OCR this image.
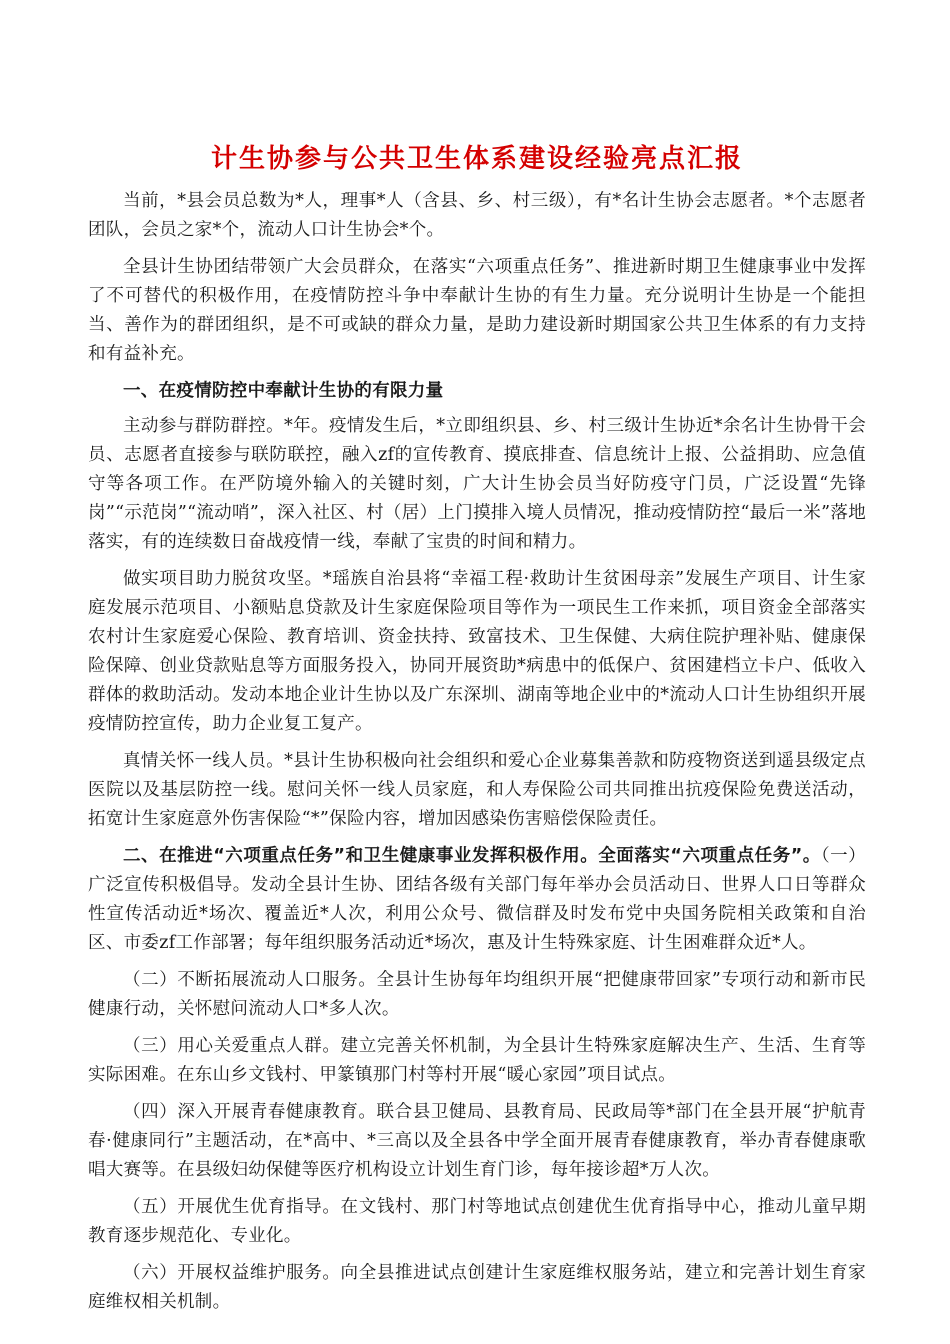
计生协参与公共卫生体系建设经验亮点汇报

当前，*县会员总数为*人，理事*人（含县、乡、村三级），有*名计生协会志愿者。*个志愿者团队，会员之家*个，流动人口计生协会*个。

全县计生协团结带领广大会员群众，在落实“六项重点任务”、推进新时期卫生健康事业中发挥了不可替代的积极作用，在疫情防控斗争中奉献计生协的有生力量。充分说明计生协是一个能担当、善作为的群团组织，是不可或缺的群众力量，是助力建设新时期国家公共卫生体系的有力支持和有益补充。

一、在疫情防控中奉献计生协的有限力量

主动参与群防群控。*年。疫情发生后，*立即组织县、乡、村三级计生协近*余名计生协骨干会员、志愿者直接参与联防联控，融入zf的宣传教育、摸底排查、信息统计上报、公益捐助、应急值守等各项工作。在严防境外输入的关键时刻，广大计生协会员当好防疫守门员，广泛设置“先锋岗”“示范岗”“流动哨”，深入社区、村（居）上门摸排入境人员情况，推动疫情防控“最后一米”落地落实，有的连续数日奋战疫情一线，奉献了宝贵的时间和精力。

做实项目助力脱贫攻坚。*瑶族自治县将“幸福工程·救助计生贫困母亲”发展生产项目、计生家庭发展示范项目、小额贴息贷款及计生家庭保险项目等作为一项民生工作来抓，项目资金全部落实农村计生家庭爱心保险、教育培训、资金扶持、致富技术、卫生保健、大病住院护理补贴、健康保险保障、创业贷款贴息等方面服务投入，协同开展资助*病患中的低保户、贫困建档立卡户、低收入群体的救助活动。发动本地企业计生协以及广东深圳、湖南等地企业中的*流动人口计生协组织开展疫情防控宣传，助力企业复工复产。

真情关怀一线人员。*县计生协积极向社会组织和爱心企业募集善款和防疫物资送到遥县级定点医院以及基层防控一线。慰问关怀一线人员家庭，和人寿保险公司共同推出抗疫保险免费送活动，拓宽计生家庭意外伤害保险“*”保险内容，增加因感染伤害赔偿保险责任。

二、在推进“六项重点任务”和卫生健康事业发挥积极作用。全面落实“六项重点任务”。（一）广泛宣传积极倡导。发动全县计生协、团结各级有关部门每年举办会员活动日、世界人口日等群众性宣传活动近*场次、覆盖近*人次，利用公众号、微信群及时发布党中央国务院相关政策和自治区、市委zf工作部署；每年组织服务活动近*场次，惠及计生特殊家庭、计生困难群众近*人。

（二）不断拓展流动人口服务。全县计生协每年均组织开展“把健康带回家”专项行动和新市民健康行动，关怀慰问流动人口*多人次。

（三）用心关爱重点人群。建立完善关怀机制，为全县计生特殊家庭解决生产、生活、生育等实际困难。在东山乡文钱村、甲篆镇那门村等村开展“暖心家园”项目试点。

（四）深入开展青春健康教育。联合县卫健局、县教育局、民政局等*部门在全县开展“护航青春·健康同行”主题活动，在*高中、*三高以及全县各中学全面开展青春健康教育，举办青春健康歌唱大赛等。在县级妇幼保健等医疗机构设立计划生育门诊，每年接诊超*万人次。

（五）开展优生优育指导。在文钱村、那门村等地试点创建优生优育指导中心，推动儿童早期教育逐步规范化、专业化。

（六）开展权益维护服务。向全县推进试点创建计生家庭维权服务站，建立和完善计划生育家庭维权相关机制。
